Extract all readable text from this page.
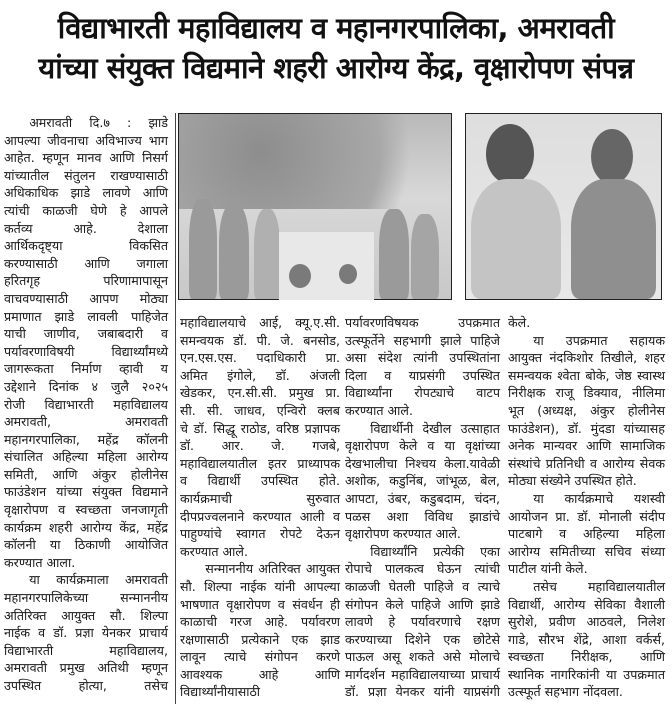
विद्याभारती महाविद्यालय व महानगरपालिका, अमरावती
यांच्या संयुक्त विद्यमाने शहरी आरोग्य केंद्र, वृक्षारोपण संपन्न
अमरावती दि.७ : झाडे
आपल्या जीवनाचा अविभाज्य भाग
आहेत. म्हणून मानव आणि निसर्ग
यांच्यातील संतुलन राखण्यासाठी
अधिकाधिक झाडे लावणे आणि
त्यांची काळजी घेणे हे आपले
कर्तव्य आहे. देशाला
आर्थिकदृष्ट्या विकसित
करण्यासाठी आणि जगाला
हरितगृह परिणामापासून
वाचवण्यासाठी आपण मोठ्या
प्रमाणात झाडे लावली पाहिजेत
याची जाणीव, जबाबदारी व
पर्यावरणाविषयी विद्यार्थ्यांमध्ये
जागरूकता निर्माण व्हावी य
उद्देशाने दिनांक ४ जुलै २०२५
रोजी विद्याभारती महाविद्यालय
अमरावती, अमरावती
महानगरपालिका, महेंद्र कॉलनी
संचालित अहिल्या महिला आरोग्य
समिती, आणि अंकुर होलीनेस
फाउंडेशन यांच्या संयुक्त विद्यमाने
वृक्षारोपण व स्वच्छता जनजागृती
कार्यक्रम शहरी आरोग्य केंद्र, महेंद्र
कॉलनी या ठिकाणी आयोजित
करण्यात आला.
या कार्यक्रमाला अमरावती
महानगरपालिकेच्या सन्माननीय
अतिरिक्त आयुक्त सौ. शिल्पा
नाईक व डॉ. प्रज्ञा येनकर प्राचार्य
विद्याभारती महाविद्यालय,
अमरावती प्रमुख अतिथी म्हणून
उपस्थित होत्या, तसेच
महाविद्यालयाचे आई, क्यू.ए.सी.
समन्वयक डॉ. पी. जे. बनसोड,
एन.एस.एस. पदाधिकारी प्रा.
अमित इंगोले, डॉ. अंजली
खेडकर, एन.सी.सी. प्रमुख प्रा.
सी. सी. जाधव, एन्विरो क्लब
चे डॉ. सिद्धू राठोड, वरिष्ठ प्रज्ञापक
डॉ. आर. जे. गजबे,
महाविद्यालयातील इतर प्राध्यापक
व विद्यार्थी उपस्थित होते.
कार्यक्रमाची सुरुवात
दीपप्रज्वलनाने करण्यात आली व
पाहुण्यांचे स्वागत रोपटे देऊन
करण्यात आले.
सन्माननीय अतिरिक्त आयुक्त
सौ. शिल्पा नाईक यांनी आपल्या
भाषणात वृक्षारोपण व संवर्धन ही
काळाची गरज आहे. पर्यावरण
रक्षणासाठी प्रत्येकाने एक झाड
लावून त्याचे संगोपन करणे
आवश्यक आहे आणि
विद्यार्थ्यांनीयासाठी
पर्यावरणविषयक उपक्रमात
उत्स्फूर्तेने सहभागी झाले पाहिजे
असा संदेश त्यांनी उपस्थितांना
दिला व याप्रसंगी उपस्थित
विद्यार्थ्यांना रोपट्याचे वाटप
करण्यात आले.
विद्यार्थीनी देखील उत्साहात
वृक्षारोपण केले व या वृक्षांच्या
देखभालीचा निश्चय केला.यावेळी
अशोक, कडुनिंब, जांभूळ, बेल,
आपटा, उंबर, कडुबदाम, चंदन,
पळस अशा विविध झाडांचे
वृक्षारोपण करण्यात आले.
विद्यार्थ्यांनि प्रत्येकी एका
रोपाचे पालकत्व घेऊन त्यांची
काळजी घेतली पाहिजे व त्याचे
संगोपन केले पाहिजे आणि झाडे
लावणे हे पर्यावरणाचे रक्षण
करण्याच्या दिशेने एक छोटेसे
पाऊल असू शकते असे मोलाचे
मार्गदर्शन महाविद्यालयाच्या प्राचार्य
डॉ. प्रज्ञा येनकर यांनी याप्रसंगी
केले.
या उपक्रमात सहायक
आयुक्त नंदकिशोर तिखीले, शहर
समन्वयक श्वेता बोके, जेष्ठ स्वास्थ
निरीक्षक राजू डिक्याव, नीलिमा
भूत (अध्यक्ष, अंकुर होलीनेस
फाउंडेशन), डॉ. मुंदडा यांच्यासह
अनेक मान्यवर आणि सामाजिक
संस्थांचे प्रतिनिधी व आरोग्य सेवक
मोठ्या संख्येने उपस्थित होते.
या कार्यक्रमाचे यशस्वी
आयोजन प्रा. डॉ. मोनाली संदीप
पाटबागे व अहिल्या महिला
आरोग्य समितीच्या सचिव संध्या
पाटील यांनी केले.
तसेच महाविद्यालयातील
विद्यार्थी, आरोग्य सेविका वैशाली
सुरोशे, प्रवीण आठवले, निलेश
गाडे, सौरभ शेंद्रे, आशा वर्कर्स,
स्वच्छता निरीक्षक, आणि
स्थानिक नागरिकांनी या उपक्रमात
उत्स्फूर्त सहभाग नोंदवला.
